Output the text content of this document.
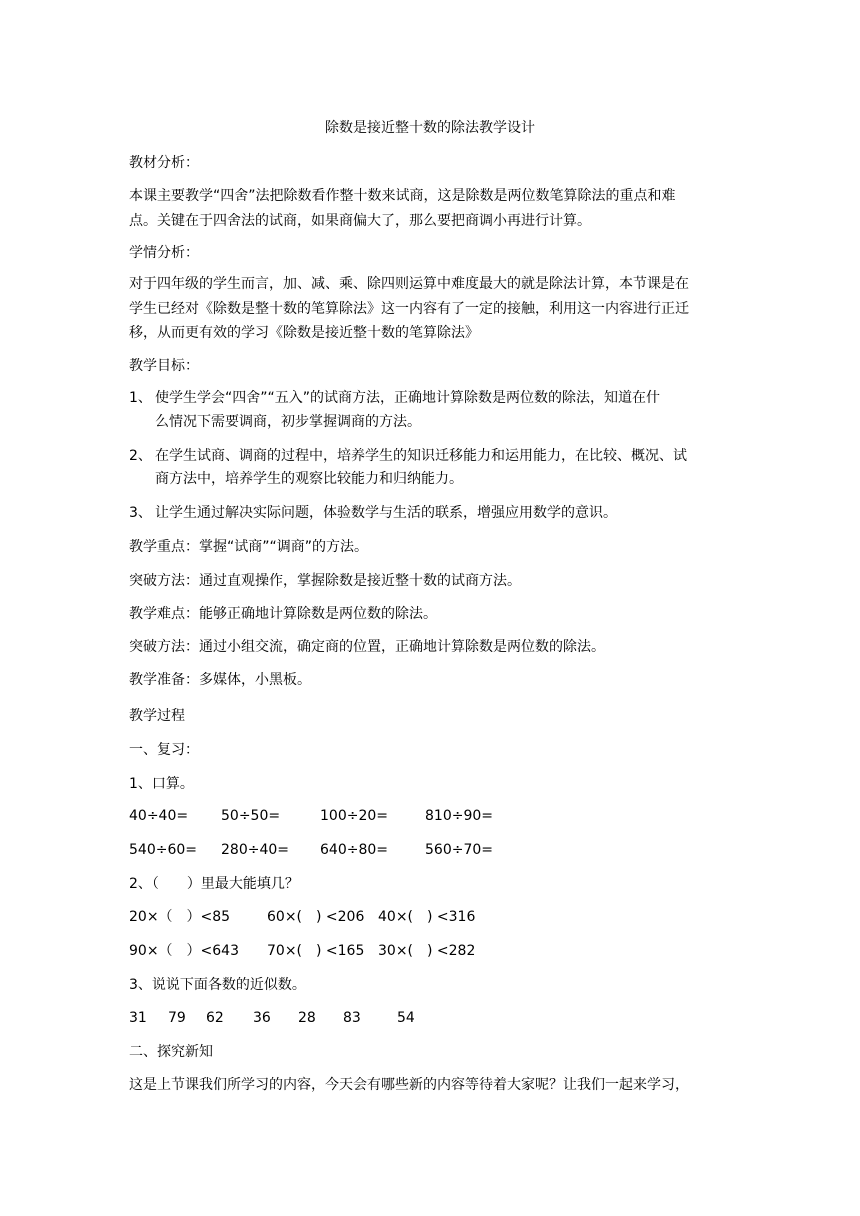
除数是接近整十数的除法教学设计
教材分析：
本课主要教学“四舍”法把除数看作整十数来试商，这是除数是两位数笔算除法的重点和难
点。关键在于四舍法的试商，如果商偏大了，那么要把商调小再进行计算。
学情分析：
对于四年级的学生而言，加、减、乘、除四则运算中难度最大的就是除法计算，本节课是在
学生已经对《除数是整十数的笔算除法》这一内容有了一定的接触，利用这一内容进行正迁
移，从而更有效的学习《除数是接近整十数的笔算除法》
教学目标：
1、 使学生学会“四舍”“五入”的试商方法，正确地计算除数是两位数的除法，知道在什
么情况下需要调商，初步掌握调商的方法。
2、 在学生试商、调商的过程中，培养学生的知识迁移能力和运用能力，在比较、概况、试
商方法中，培养学生的观察比较能力和归纳能力。
3、 让学生通过解决实际问题，体验数学与生活的联系，增强应用数学的意识。
教学重点：掌握“试商”“调商”的方法。
突破方法：通过直观操作，掌握除数是接近整十数的试商方法。
教学难点：能够正确地计算除数是两位数的除法。
突破方法：通过小组交流，确定商的位置，正确地计算除数是两位数的除法。
教学准备：多媒体，小黑板。
教学过程
一、复习：
1、口算。
40÷40= 50÷50=	100÷20=	810÷90=
540÷60= 280÷40= 640÷80=	560÷70=
2、（　　）里最大能填几？
20×（　）<85	60×(　) <206 40×(　) <316
90×（　）<643 70×(　) <165 30×(　) <282
3、说说下面各数的近似数。
31 79 62 36 28 83	54
二、探究新知
这是上节课我们所学习的内容，今天会有哪些新的内容等待着大家呢？让我们一起来学习，
